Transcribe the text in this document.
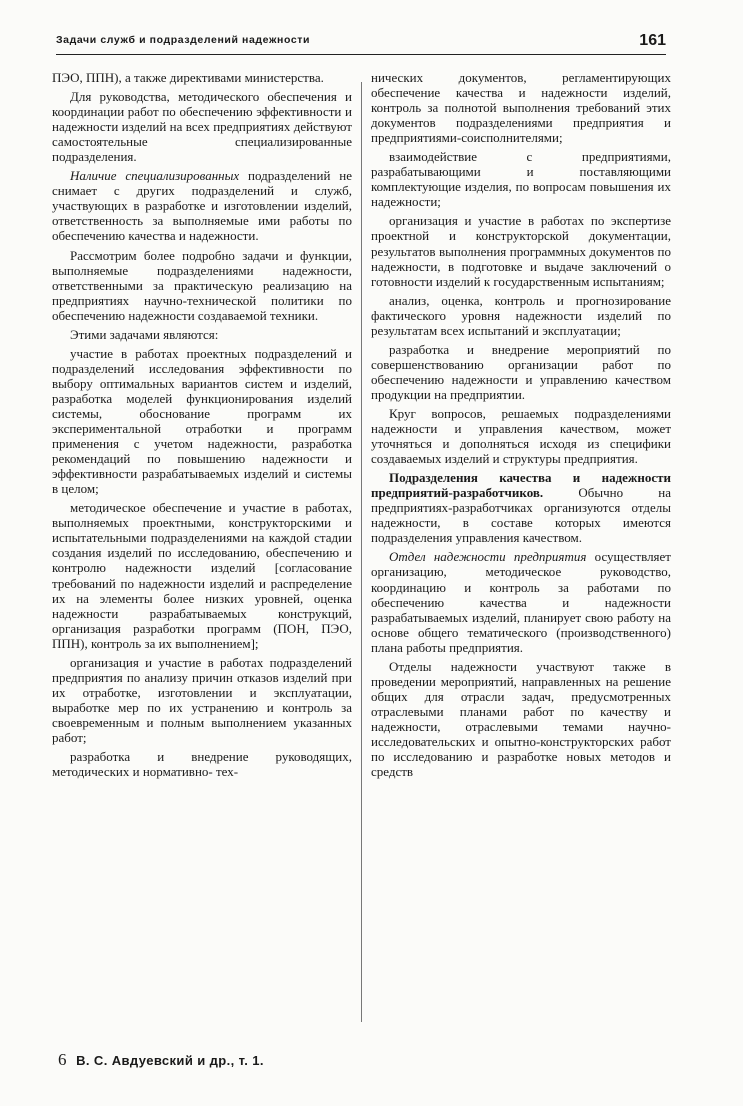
Задачи служб и подразделений надежности	161

ПЭО, ППН), а также директивами министерства.

Для руководства, методического обеспечения и координации работ по обеспечению эффективности и надежности изделий на всех предприятиях действуют самостоятельные специализированные подразделения.

Наличие специализированных подразделений не снимает с других подразделений и служб, участвующих в разработке и изготовлении изделий, ответственность за выполняемые ими работы по обеспечению качества и надежности.

Рассмотрим более подробно задачи и функции, выполняемые подразделениями надежности, ответственными за практическую реализацию на предприятиях научно-технической политики по обеспечению надежности создаваемой техники.

Этими задачами являются:

участие в работах проектных подразделений и подразделений исследования эффективности по выбору оптимальных вариантов систем и изделий, разработка моделей функционирования изделий системы, обоснование программ их экспериментальной отработки и программ применения с учетом надежности, разработка рекомендаций по повышению надежности и эффективности разрабатываемых изделий и системы в целом;

методическое обеспечение и участие в работах, выполняемых проектными, конструкторскими и испытательными подразделениями на каждой стадии создания изделий по исследованию, обеспечению и контролю надежности изделий [согласование требований по надежности изделий и распределение их на элементы более низких уровней, оценка надежности разрабатываемых конструкций, организация разработки программ (ПОН, ПЭО, ППН), контроль за их выполнением];

организация и участие в работах подразделений предприятия по анализу причин отказов изделий при их отработке, изготовлении и эксплуатации, выработке мер по их устранению и контроль за своевременным и полным выполнением указанных работ;

разработка и внедрение руководящих, методических и нормативно- тех-

нических документов, регламентирующих обеспечение качества и надежности изделий, контроль за полнотой выполнения требований этих документов подразделениями предприятия и предприятиями-соисполнителями;

взаимодействие с предприятиями, разрабатывающими и поставляющими комплектующие изделия, по вопросам повышения их надежности;

организация и участие в работах по экспертизе проектной и конструкторской документации, результатов выполнения программных документов по надежности, в подготовке и выдаче заключений о готовности изделий к государственным испытаниям;

анализ, оценка, контроль и прогнозирование фактического уровня надежности изделий по результатам всех испытаний и эксплуатации;

разработка и внедрение мероприятий по совершенствованию организации работ по обеспечению надежности и управлению качеством продукции на предприятии.

Круг вопросов, решаемых подразделениями надежности и управления качеством, может уточняться и дополняться исходя из специфики создаваемых изделий и структуры предприятия.

Подразделения качества и надежности предприятий-разработчиков. Обычно на предприятиях-разработчиках организуются отделы надежности, в составе которых имеются подразделения управления качеством.

Отдел надежности предприятия осуществляет организацию, методическое руководство, координацию и контроль за работами по обеспечению качества и надежности разрабатываемых изделий, планирует свою работу на основе общего тематического (производственного) плана работы предприятия.

Отделы надежности участвуют также в проведении мероприятий, направленных на решение общих для отрасли задач, предусмотренных отраслевыми планами работ по качеству и надежности, отраслевыми темами научно-исследовательских и опытно-конструкторских работ по исследованию и разработке новых методов и средств

6 В. С. Авдуевский и др., т. 1.
